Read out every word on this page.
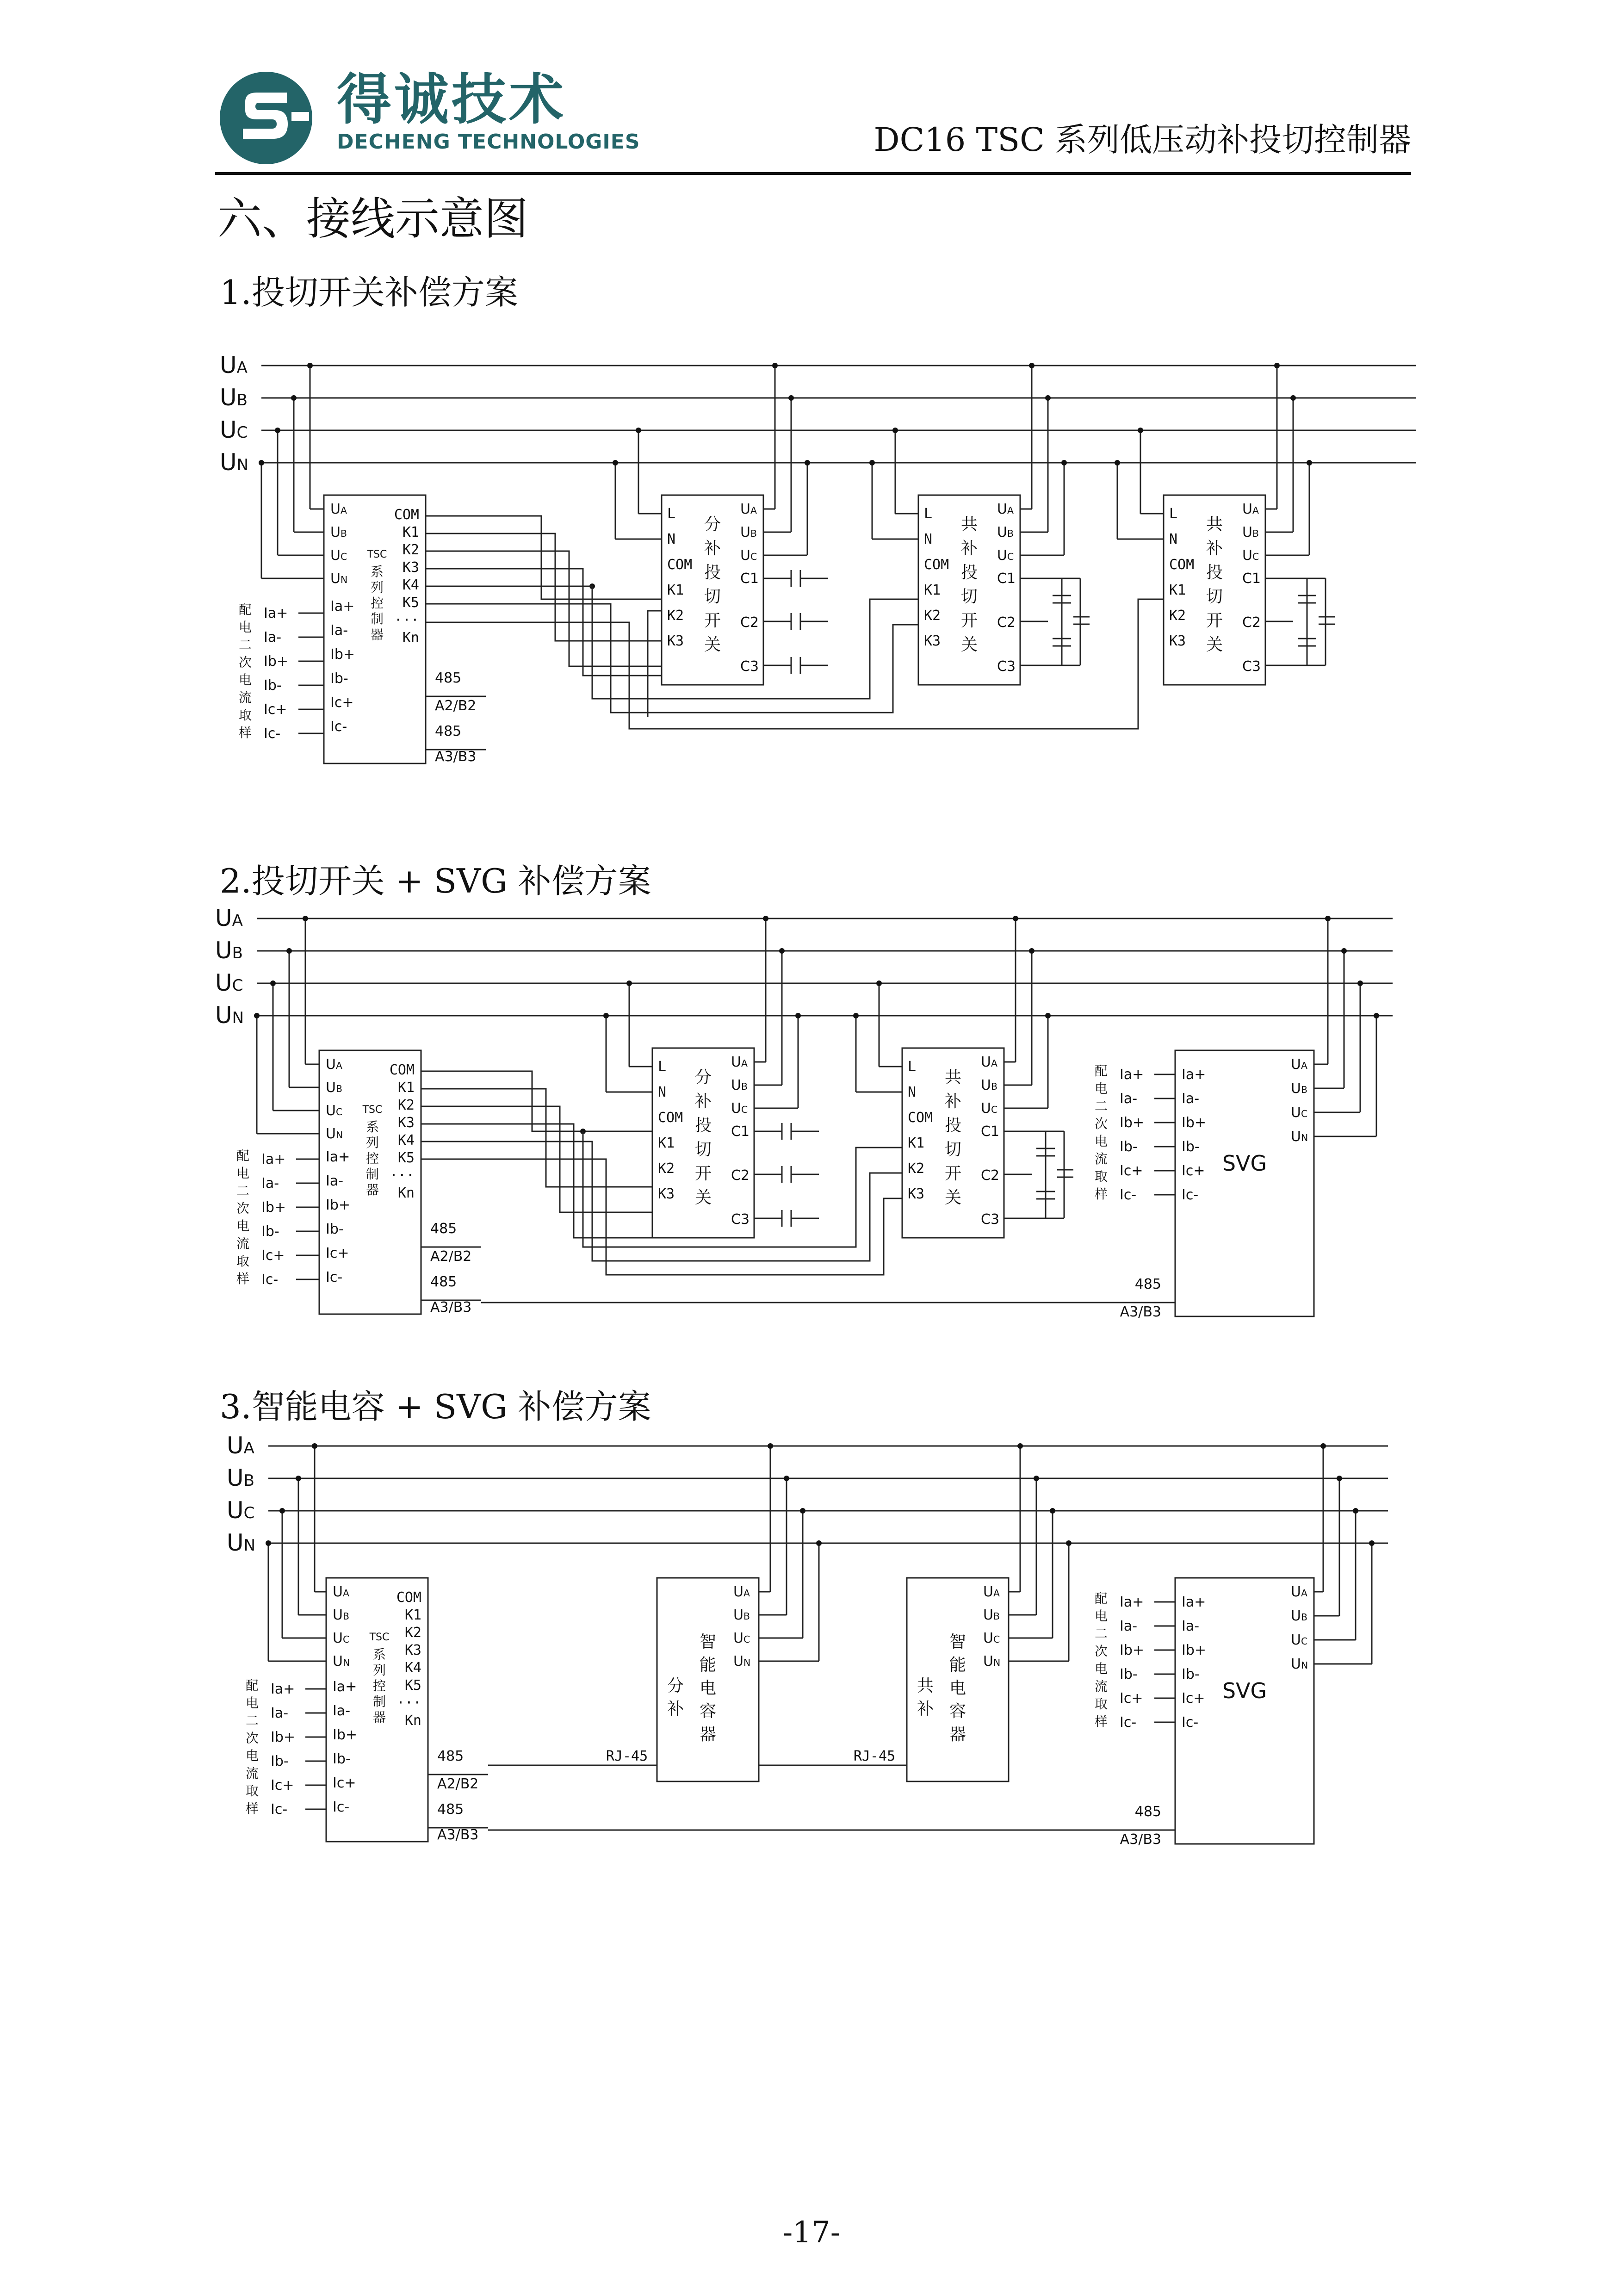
得诚技术
DECHENG TECHNOLOGIES	DC16 TSC 系列低压动补投切控制器
六、接线示意图
1.投切开关补偿方案
2.投切开关 + SVG 补偿方案
3.智能电容 + SVG 补偿方案
UA
UB
UC
UN
UA
UB
UC
UN
COM
K1
K2
K3
K4
K5
···
Kn
TSC
系
列
控
制
器
Ia+
Ia-
Ib+
Ib-
Ic+
Ic-
485
A2/B2
485
A3/B3
Ia+
Ia-
Ib+
Ib-
Ic+
Ic-
配
电
二
次
电
流
取
样
L
N
COM
K1
K2
K3
UA
UB
UC
分
补
投
切
开
关
C1
C2
C3
L
N
COM
K1
K2
K3
UA
UB
UC
共
补
投
切
开
关
C1
C2
C3
L
N
COM
K1
K2
K3
UA
UB
UC
共
补
投
切
开
关
C1
C2
C3
UA
UB
UC
UN
UA
UB
UC
UN
COM
K1
K2
K3
K4
K5
···
Kn
TSC
系
列
控
制
器
Ia+
Ia-
Ib+
Ib-
Ic+
Ic-
485
A2/B2
485
A3/B3
Ia+
Ia-
Ib+
Ib-
Ic+
Ic-
配
电
二
次
电
流
取
样
L
N
COM
K1
K2
K3
UA
UB
UC
分
补
投
切
开
关
C1
C2
C3
L
N
COM
K1
K2
K3
UA
UB
UC
共
补
投
切
开
关
C1
C2
C3
UA
UB
UC
UN
SVG
Ia+
Ia-
Ib+
Ib-
Ic+
Ic-
Ia+
Ia-
Ib+
Ib-
Ic+
Ic-
配
电
二
次
电
流
取
样
485
A3/B3
UA
UB
UC
UN
UA
UB
UC
UN
COM
K1
K2
K3
K4
K5
···
Kn
TSC
系
列
控
制
器
Ia+
Ia-
Ib+
Ib-
Ic+
Ic-
485
A2/B2
485
A3/B3
Ia+
Ia-
Ib+
Ib-
Ic+
Ic-
配
电
二
次
电
流
取
样
UA
UB
UC
UN
分
补
智
能
电
容
器
UA
UB
UC
UN
共
补
智
能
电
容
器
RJ-45	RJ-45
UA
UB
UC
UN
SVG
Ia+
Ia-
Ib+
Ib-
Ic+
Ic-
Ia+
Ia-
Ib+
Ib-
Ic+
Ic-
配
电
二
次
电
流
取
样
485
A3/B3
-17-
